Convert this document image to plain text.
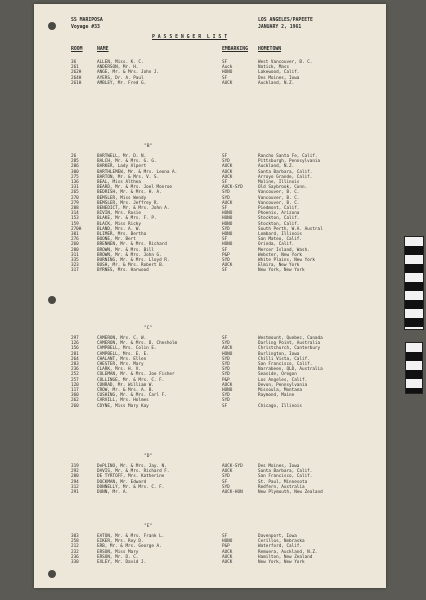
SS MARIPOSA
Voyage #33
LOS ANGELES/PAPEETE
JANUARY 2, 1961
P A S S E N G E R  L I S T
ROOM	NAME	EMBARKING HOMETOWN
36	ALLEN, Miss. K. C.	SF	West Vancouver, B. C.
261	ANDERSON, Mr. H.	Auck	Natick, Mass
262H	ANGE, Mr. & Mrs. John J.	HONO	Lakewood, Calif.
264H	AYERS, Dr. A. Paul	SF	Des Moines, Iowa
261H	AMBLEY, Mr. Fred G.	AUCK	Auckland, N.Z.
"B"
26	BARTWELL, Mr. D. N.	SF	Rancho Santa Fe, Calif.
285	BALCH, Mr. & Mrs. G. G.	SYD	Pittsburgh, Pennsylvania
206	BARKER, Lady Alpert	AUCK	Auckland, N.Z.
300	BARTHLEMEW, Mr. & Mrs. Leona A.	AUCK	Santa Barbara, Calif.
275	BARTON, Mr. & Mrs. V. S.	AUCK	Arroyo Grande, Calif.
136	BEAL, Miss Althea	SF	Moline, Illinois
331	BEARD, Mr. & Mrs. Joel Monroe	AUCK-SYD	Old Saybrook, Conn.
265	BEDRISH, Mr. & Mrs. H. A.	SYD	Vancouver, B. C.
270	BEMSLER, Miss Wendy	SYD	Vancouver, B. C.
279	BEMSLER, Mrs. Jeffrey R.	AUCK	Vancouver, B. C.
288	BENEDICT, Mr. & Mrs. John A.	SF	Piedmont, Calif.
314	BIVIN, Mrs. Rosie	HONO	Phoenix, Arizona
153	BLAKE, Mr. & Mrs. F. P.	HONO	Stockton, Calif.
159	BLACK, Miss Ricky	HONO	Stockton, Calif.
270H	BLAND, Mrs. A. W.	SYD	South Perth, W.A. Austral
301	BLIMER, Mrs. Bertha	HONO	Lombard, Illinois
276	BOONE, Mr. Bert	SF	San Mateo, Calif.
260	BRENNEN, Mr. & Mrs. Richard	HONO	Orinda, Calif.
280	BROWN, Mr. & Mrs. Bill	SF	Mercer Island, Wash.
311	BROWN, Mr. & Mrs. John G.	P&P	Webster, New York
335	BURNING, Mr. & Mrs. Lloyd R.	SYD	White Plains, New York
323	BUSH, Mr. & Mrs. Robert B.	AUCK	Elmira, New York
317	BYRNES, Mrs. Harwood	SF	New York, New York
"C"
297	CAMERON, Mrs. C. W.	SF	Westmount, Quebec, Canada
126	CAMERON, Mr. & Mrs. D. Chesholm	SYD	Darling Point, Australia
156	CAMPBELL, Mrs. Colin E.	AUCK	Christchurch, Canterbury
281	CAMPBELL, Mrs. E. E.	HONO	Burlington, Iowa
264	CHALANT, Mrs. Ellen	SYD	Chilli Vista, Calif.
283	CHESTER, Mrs. Mary	SYD	San Francisco, Calif.
236	CLARK, Mrs. H. V.	SYD	Narrabeen, QLD, Australia
252	COLEMAN, Mr. & Mrs. Joe Fisher	SYD	Seaside, Oregon
257	COLLINGE, Mr. & Mrs. C. F.	P&P	Los Angeles, Calif.
120	CONRAD, Mr. William W.	AUCK	Devon, Pennsylvania
117	CROW, Mr. & Mrs. A. B.	HONO	Missoula, Montana
360	CUSHING, Mr. & Mrs. Carl F.	SYD	Raymond, Maine
262	CARVILL, Mrs. Holmes	SYD
260	COYNE, Miss Mary Kay	SF	Chicago, Illinois
"D"
319	DePLINO, Mr. & Mrs. Jay. N.	AUCK-SYD	Des Moines, Iowa
292	DAVIS, Mr. & Mrs. Richard F.	AUCK	Santa Barbara, Calif.
280	DE TYRTOFF, Mrs. Katherine	SYD	San Francisco, Calif.
294	DOCKMAN, Mr. Edward	SF	St. Paul, Minnesota
312	DONNELLY, Mr. & Mrs. C. F.	SYD	Redfern, Australia
291	DUNN, Mr. A.	AUCK-HON	New Plymouth, New Zealand
"E"
303	EATON, Mr. & Mrs. Frank L.	SF	Davenport, Iowa
258	EIKER, Mrs. Roy D.	HONO	Cerillos, Nebraska
212	ERB, Mr. & Mrs. George A.	P&P	Waterford, Calif.
232	ERSON, Miss Mary	AUCK	Remuera, Auckland, N.Z.
236	ERSON, Mr. D. C.	AUCK	Hamilton, New Zealand
330	EXLEY, Mr. David J.	AUCK	New York, New York
